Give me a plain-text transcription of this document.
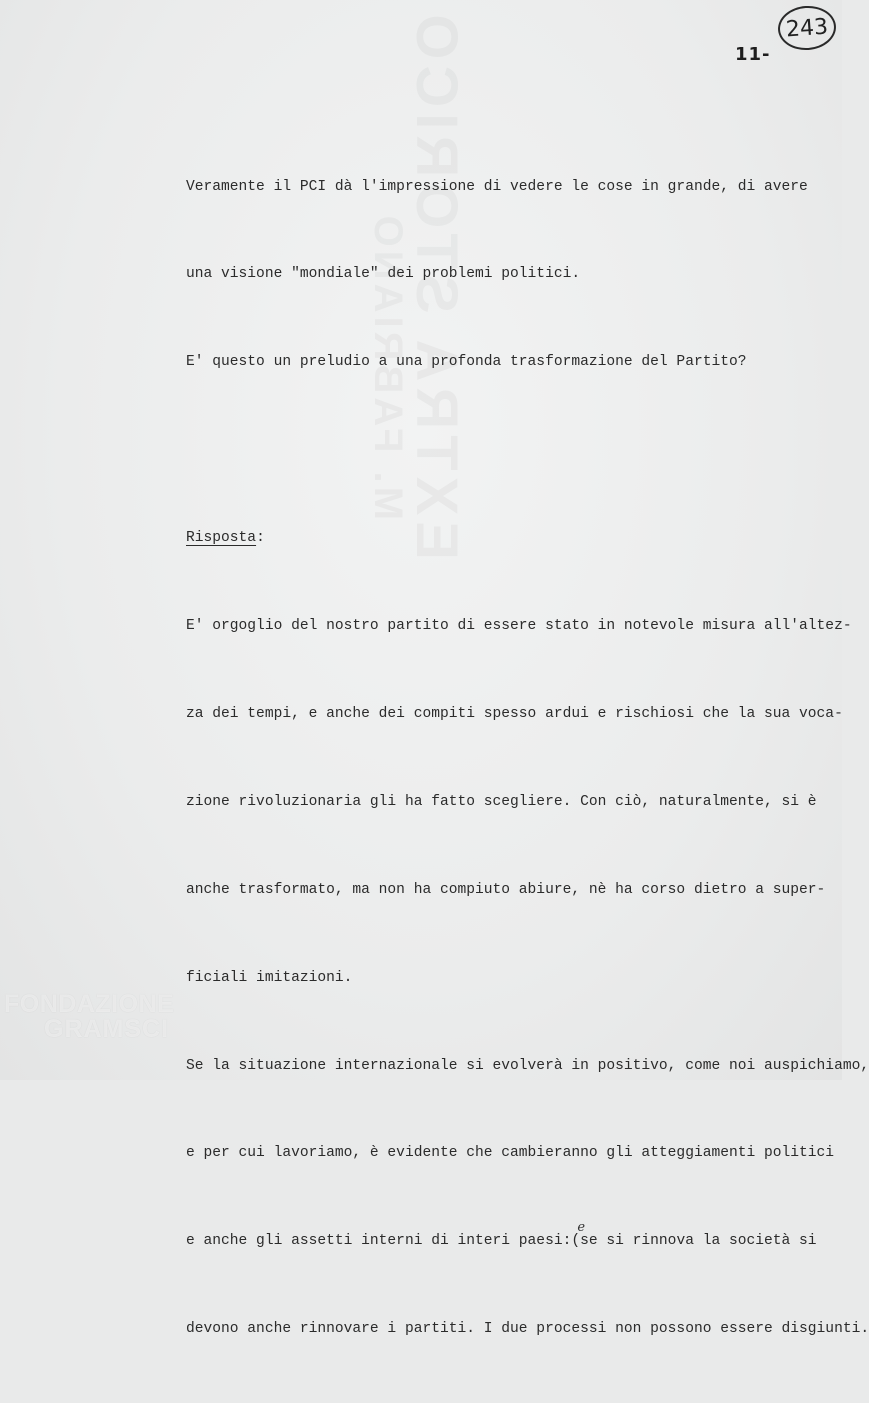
EXTRA STORICO
M. FABRIANO
243
11-

Veramente il PCI dà l'impressione di vedere le cose in grande, di avere

una visione "mondiale" dei problemi politici.

E' questo un preludio a una profonda trasformazione del Partito?

Risposta:

E' orgoglio del nostro partito di essere stato in notevole misura all'altez-

za dei tempi, e anche dei compiti spesso ardui e rischiosi che la sua voca-

zione rivoluzionaria gli ha fatto scegliere. Con ciò, naturalmente, si è

anche trasformato, ma non ha compiuto abiure, nè ha corso dietro a super-

ficiali imitazioni.

Se la situazione internazionale si evolverà in positivo, come noi auspichiamo,

e per cui lavoriamo, è evidente che cambieranno gli atteggiamenti politici

e anche gli assetti interni di interi paesi:
e
(se si rinnova la società si

devono anche rinnovare i partiti. I due processi non possono essere disgiunti.

FONDAZIONE
GRAMSCI
